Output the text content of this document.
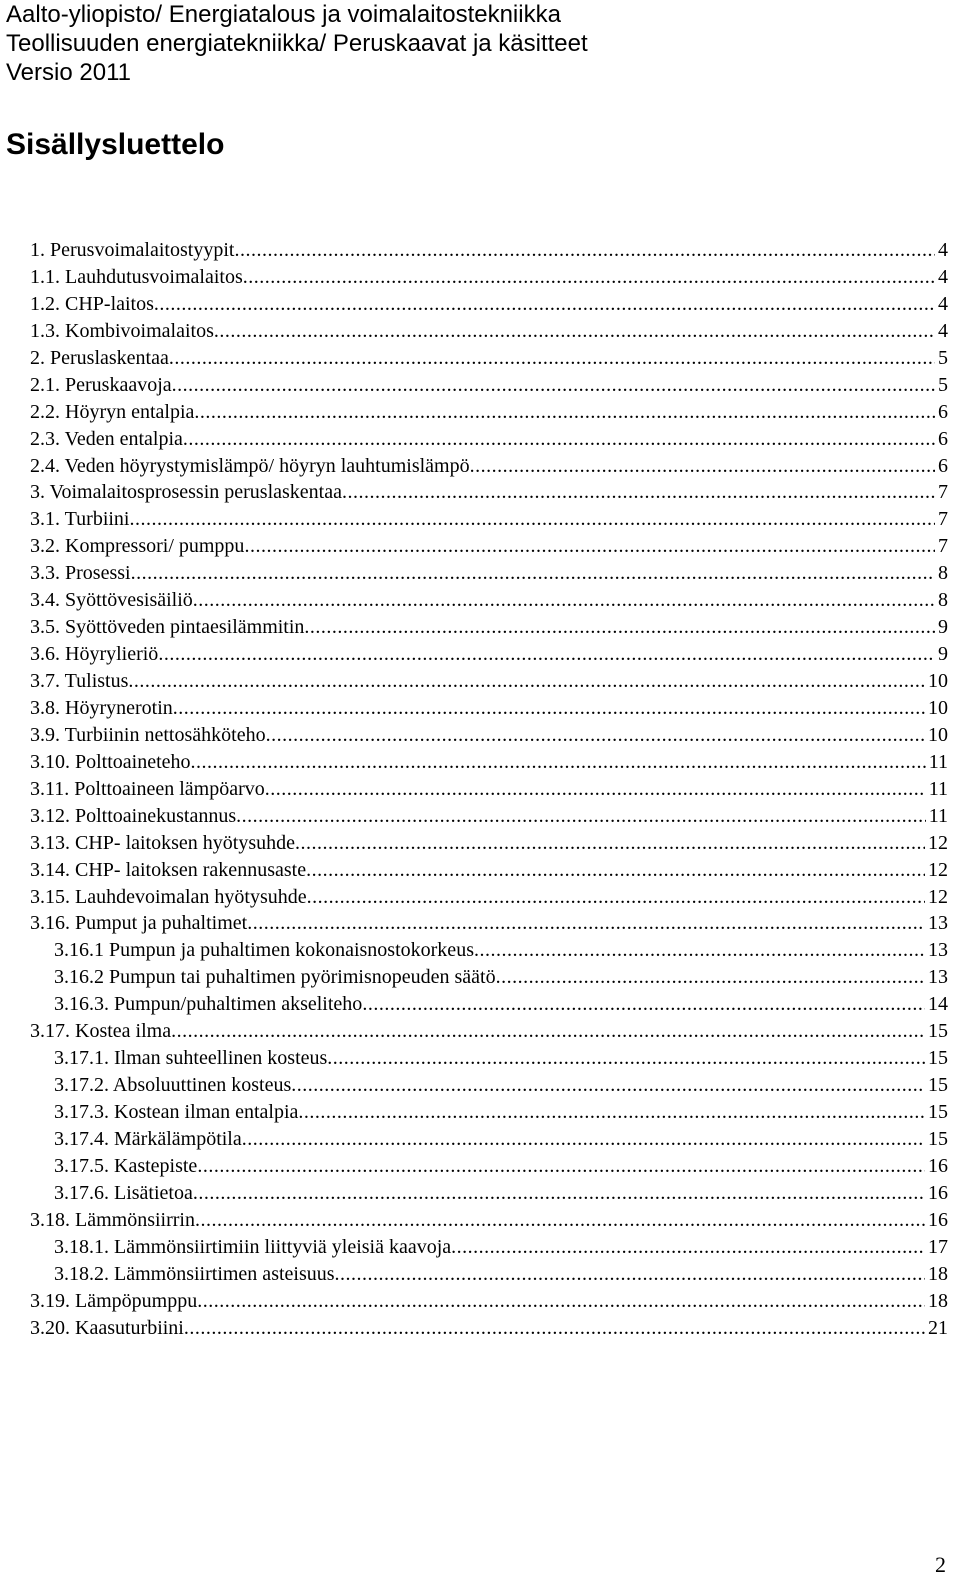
Aalto-yliopisto/ Energiatalous ja voimalaitostekniikka
Teollisuuden energiatekniikka/ Peruskaavat ja käsitteet
Versio 2011
Sisällysluettelo
1. Perusvoimalaitostyypit .....	4
1.1. Lauhdutusvoimalaitos .....	4
1.2. CHP-laitos .....	4
1.3. Kombivoimalaitos .....	4
2. Peruslaskentaa .....	5
2.1. Peruskaavoja .....	5
2.2. Höyryn entalpia .....	6
2.3. Veden entalpia .....	6
2.4. Veden höyrystymislämpö/ höyryn lauhtumislämpö .....	6
3. Voimalaitosprosessin peruslaskentaa .....	7
3.1. Turbiini .....	7
3.2. Kompressori/ pumppu .....	7
3.3. Prosessi .....	8
3.4. Syöttövesisäiliö .....	8
3.5. Syöttöveden pintaesilämmitin .....	9
3.6. Höyrylieriö .....	9
3.7. Tulistus .....	10
3.8. Höyrynerotin .....	10
3.9. Turbiinin nettosähköteho .....	10
3.10. Polttoaineteho .....	11
3.11. Polttoaineen lämpöarvo .....	11
3.12. Polttoainekustannus .....	11
3.13. CHP- laitoksen hyötysuhde .....	12
3.14. CHP- laitoksen rakennusaste .....	12
3.15. Lauhdevoimalan hyötysuhde .....	12
3.16. Pumput ja puhaltimet .....	13
3.16.1 Pumpun ja puhaltimen kokonaisnostokorkeus .....	13
3.16.2 Pumpun tai puhaltimen pyörimisnopeuden säätö .....	13
3.16.3. Pumpun/puhaltimen akseliteho .....	14
3.17. Kostea ilma .....	15
3.17.1. Ilman suhteellinen kosteus .....	15
3.17.2. Absoluuttinen kosteus .....	15
3.17.3. Kostean ilman entalpia .....	15
3.17.4. Märkälämpötila .....	15
3.17.5. Kastepiste .....	16
3.17.6. Lisätietoa .....	16
3.18. Lämmönsiirrin .....	16
3.18.1. Lämmönsiirtimiin liittyviä yleisiä kaavoja .....	17
3.18.2. Lämmönsiirtimen asteisuus .....	18
3.19. Lämpöpumppu .....	18
3.20. Kaasuturbiini .....	21
2
